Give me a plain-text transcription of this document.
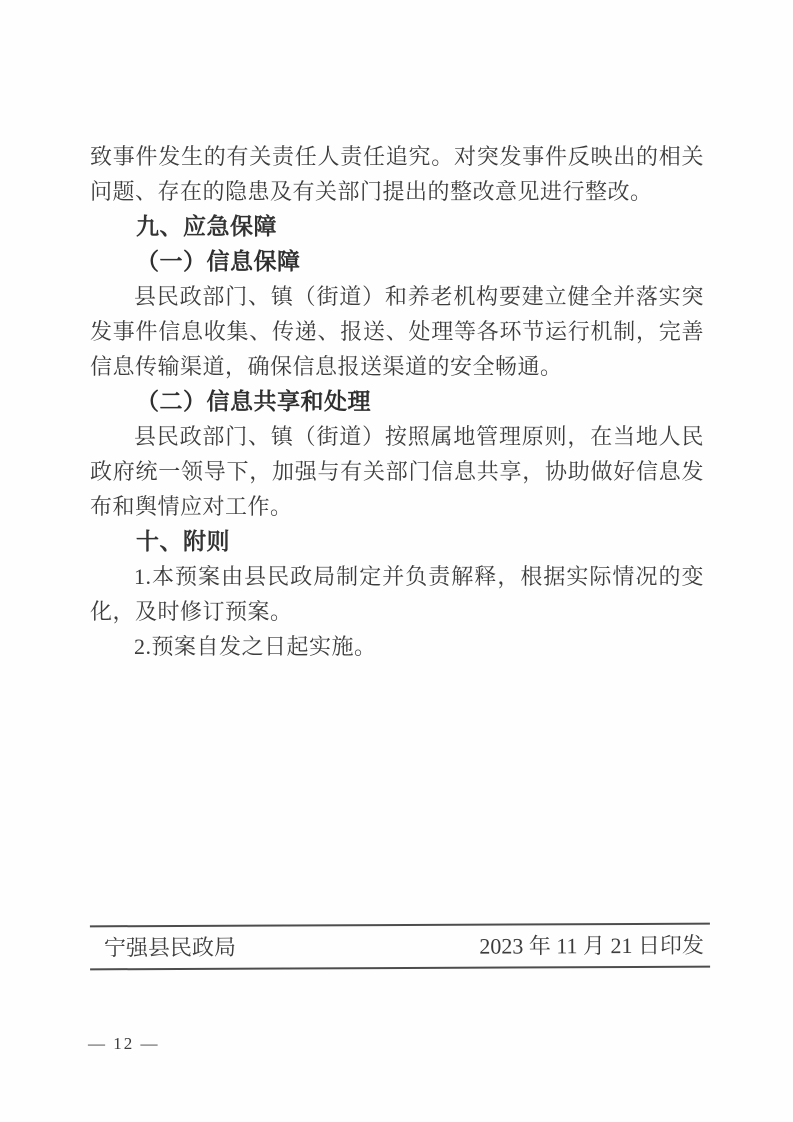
致事件发生的有关责任人责任追究。对突发事件反映出的相关问题、存在的隐患及有关部门提出的整改意见进行整改。

九、应急保障
（一）信息保障

县民政部门、镇（街道）和养老机构要建立健全并落实突发事件信息收集、传递、报送、处理等各环节运行机制，完善信息传输渠道，确保信息报送渠道的安全畅通。

（二）信息共享和处理

县民政部门、镇（街道）按照属地管理原则，在当地人民政府统一领导下，加强与有关部门信息共享，协助做好信息发布和舆情应对工作。

十、附则

1.本预案由县民政局制定并负责解释，根据实际情况的变化，及时修订预案。

2.预案自发之日起实施。

宁强县民政局	2023 年 11 月 21 日印发
— 12 —
